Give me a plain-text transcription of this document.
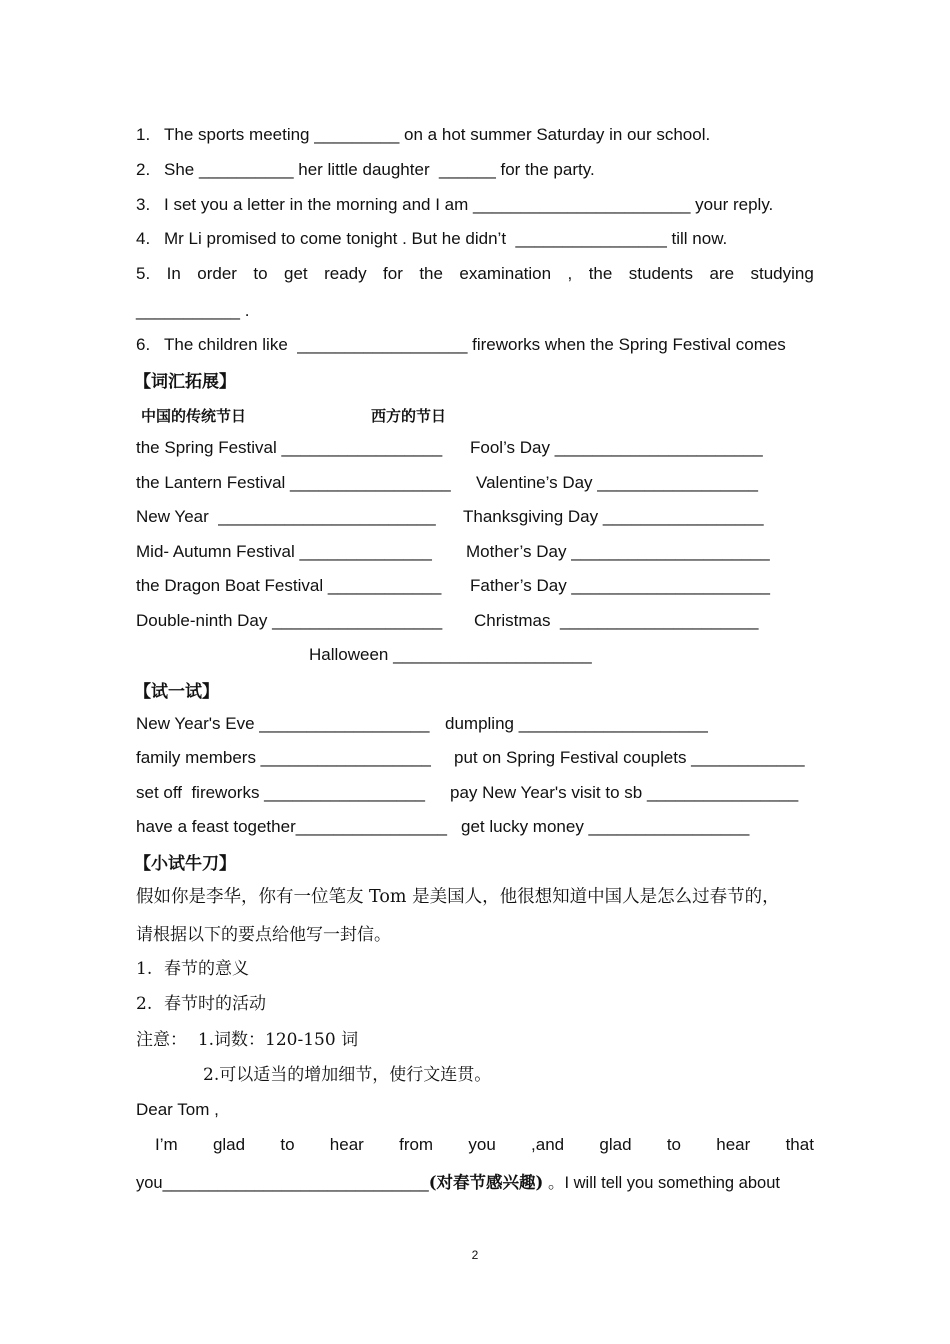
1. The sports meeting _________ on a hot summer Saturday in our school.
2. She __________ her little daughter  ______ for the party.
3. I set you a letter in the morning and I am _______________________ your reply.
4. Mr Li promised to come tonight . But he didn’t  ________________ till now.
5. In order to get ready for the examination , the students are studying
___________ .
6. The children like  __________________ fireworks when the Spring Festival comes
【词汇拓展】
中国的传统节日	西方的节日
the Spring Festival _________________ Fool’s Day ______________________
the Lantern Festival _________________ Valentine’s Day _________________
New Year  _______________________ Thanksgiving Day _________________
Mid- Autumn Festival ______________ Mother’s Day _____________________
the Dragon Boat Festival ____________ Father’s Day _____________________
Double-ninth Day __________________ Christmas  _____________________
Halloween _____________________
【试一试】
New Year's Eve __________________ dumpling ____________________
family members __________________ put on Spring Festival couplets ____________
set off  fireworks _________________ pay New Year's visit to sb ________________
have a feast together________________ get lucky money _________________
【小试牛刀】
假如你是李华，你有一位笔友 Tom 是美国人，他很想知道中国人是怎么过春节的，
请根据以下的要点给他写一封信。
1. 春节的意义
2. 春节时的活动
注意： 1.词数：120-150 词
2.可以适当的增加细节，使行文连贯。
Dear Tom ,
I’m glad to hear from you ,and glad to hear that
you_____________________________(对春节感兴趣) 。I will tell you something about
2
